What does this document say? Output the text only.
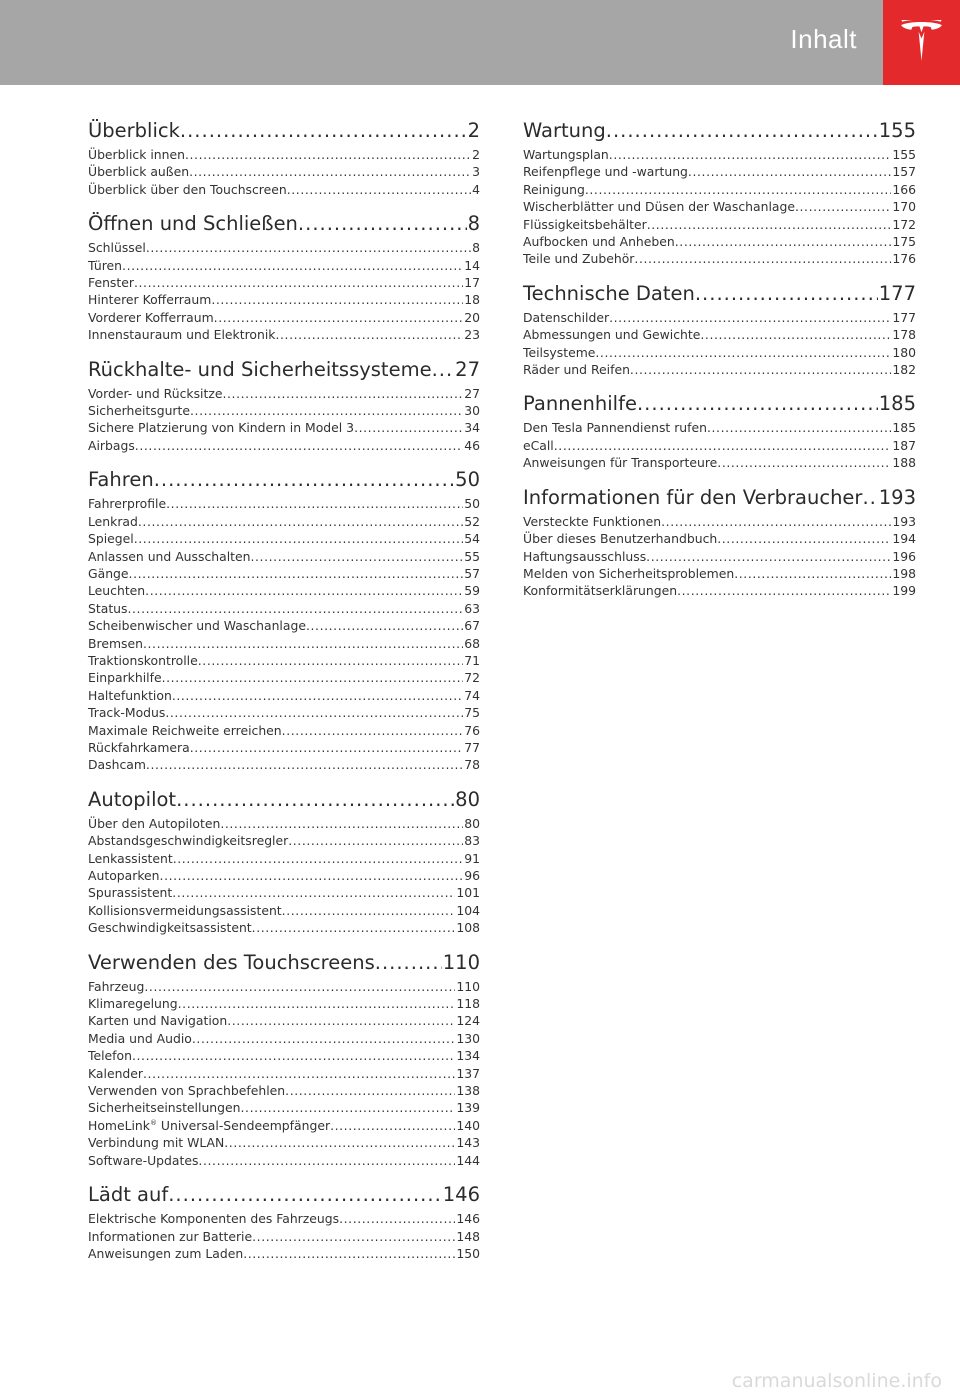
Inhalt
Überblick .....	2
Überblick innen .....	2
Überblick außen .....	3
Überblick über den Touchscreen .....	4
Öffnen und Schließen .....	8
Schlüssel .....	8
Türen .....	14
Fenster .....	17
Hinterer Kofferraum .....	18
Vorderer Kofferraum .....	20
Innenstauraum und Elektronik .....	23
Rückhalte- und Sicherheitssysteme ..... 27
Vorder- und Rücksitze .....	27
Sicherheitsgurte .....	30
Sichere Platzierung von Kindern in Model 3 .....	34
Airbags .....	46
Fahren .....	50
Fahrerprofile .....	50
Lenkrad .....	52
Spiegel .....	54
Anlassen und Ausschalten .....	55
Gänge .....	57
Leuchten .....	59
Status .....	63
Scheibenwischer und Waschanlage .....	67
Bremsen .....	68
Traktionskontrolle .....	71
Einparkhilfe .....	72
Haltefunktion .....	74
Track-Modus .....	75
Maximale Reichweite erreichen .....	76
Rückfahrkamera .....	77
Dashcam .....	78
Autopilot .....	80
Über den Autopiloten .....	80
Abstandsgeschwindigkeitsregler .....	83
Lenkassistent .....	91
Autoparken .....	96
Spurassistent .....	101
Kollisionsvermeidungsassistent .....	104
Geschwindigkeitsassistent .....	108
Verwenden des Touchscreens .....	110
Fahrzeug .....	110
Klimaregelung .....	118
Karten und Navigation .....	124
Media und Audio .....	130
Telefon .....	134
Kalender .....	137
Verwenden von Sprachbefehlen .....	138
Sicherheitseinstellungen .....	139
HomeLink® Universal-Sendeempfänger .....	140
Verbindung mit WLAN .....	143
Software-Updates .....	144
Lädt auf .....	146
Elektrische Komponenten des Fahrzeugs .....	146
Informationen zur Batterie .....	148
Anweisungen zum Laden .....	150
Wartung .....	155
Wartungsplan .....	155
Reifenpflege und -wartung .....	157
Reinigung .....	166
Wischerblätter und Düsen der Waschanlage .....	170
Flüssigkeitsbehälter .....	172
Aufbocken und Anheben .....	175
Teile und Zubehör .....	176
Technische Daten .....	177
Datenschilder .....	177
Abmessungen und Gewichte .....	178
Teilsysteme .....	180
Räder und Reifen .....	182
Pannenhilfe .....	185
Den Tesla Pannendienst rufen .....	185
eCall .....	187
Anweisungen für Transporteure .....	188
Informationen für den Verbraucher ..... 193
Versteckte Funktionen .....	193
Über dieses Benutzerhandbuch .....	194
Haftungsausschluss .....	196
Melden von Sicherheitsproblemen .....	198
Konformitätserklärungen .....	199
carmanualsonline.info
